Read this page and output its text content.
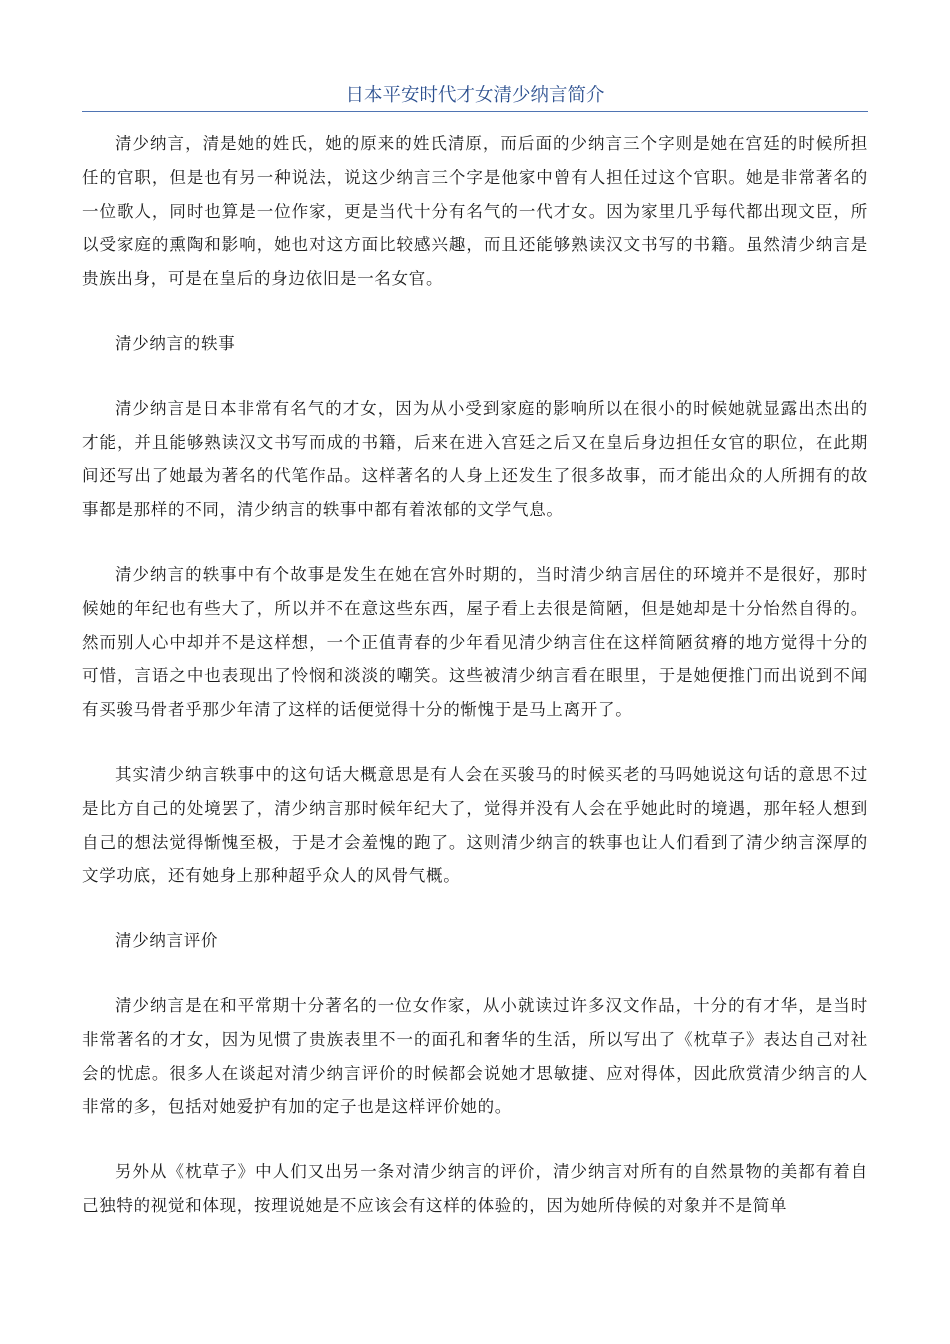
日本平安时代才女清少纳言简介

清少纳言，清是她的姓氏，她的原来的姓氏清原，而后面的少纳言三个字则是她在宫廷的时候所担任的官职，但是也有另一种说法，说这少纳言三个字是他家中曾有人担任过这个官职。她是非常著名的一位歌人，同时也算是一位作家，更是当代十分有名气的一代才女。因为家里几乎每代都出现文臣，所以受家庭的熏陶和影响，她也对这方面比较感兴趣，而且还能够熟读汉文书写的书籍。虽然清少纳言是贵族出身，可是在皇后的身边依旧是一名女官。

清少纳言的轶事

清少纳言是日本非常有名气的才女，因为从小受到家庭的影响所以在很小的时候她就显露出杰出的才能，并且能够熟读汉文书写而成的书籍，后来在进入宫廷之后又在皇后身边担任女官的职位，在此期间还写出了她最为著名的代笔作品。这样著名的人身上还发生了很多故事，而才能出众的人所拥有的故事都是那样的不同，清少纳言的轶事中都有着浓郁的文学气息。

清少纳言的轶事中有个故事是发生在她在宫外时期的，当时清少纳言居住的环境并不是很好，那时候她的年纪也有些大了，所以并不在意这些东西，屋子看上去很是简陋，但是她却是十分怡然自得的。然而别人心中却并不是这样想，一个正值青春的少年看见清少纳言住在这样简陋贫瘠的地方觉得十分的可惜，言语之中也表现出了怜悯和淡淡的嘲笑。这些被清少纳言看在眼里，于是她便推门而出说到不闻有买骏马骨者乎那少年清了这样的话便觉得十分的惭愧于是马上离开了。

其实清少纳言轶事中的这句话大概意思是有人会在买骏马的时候买老的马吗她说这句话的意思不过是比方自己的处境罢了，清少纳言那时候年纪大了，觉得并没有人会在乎她此时的境遇，那年轻人想到自己的想法觉得惭愧至极，于是才会羞愧的跑了。这则清少纳言的轶事也让人们看到了清少纳言深厚的文学功底，还有她身上那种超乎众人的风骨气概。

清少纳言评价

清少纳言是在和平常期十分著名的一位女作家，从小就读过许多汉文作品，十分的有才华，是当时非常著名的才女，因为见惯了贵族表里不一的面孔和奢华的生活，所以写出了《枕草子》表达自己对社会的忧虑。很多人在谈起对清少纳言评价的时候都会说她才思敏捷、应对得体，因此欣赏清少纳言的人非常的多，包括对她爱护有加的定子也是这样评价她的。

另外从《枕草子》中人们又出另一条对清少纳言的评价，清少纳言对所有的自然景物的美都有着自己独特的视觉和体现，按理说她是不应该会有这样的体验的，因为她所侍候的对象并不是简单
